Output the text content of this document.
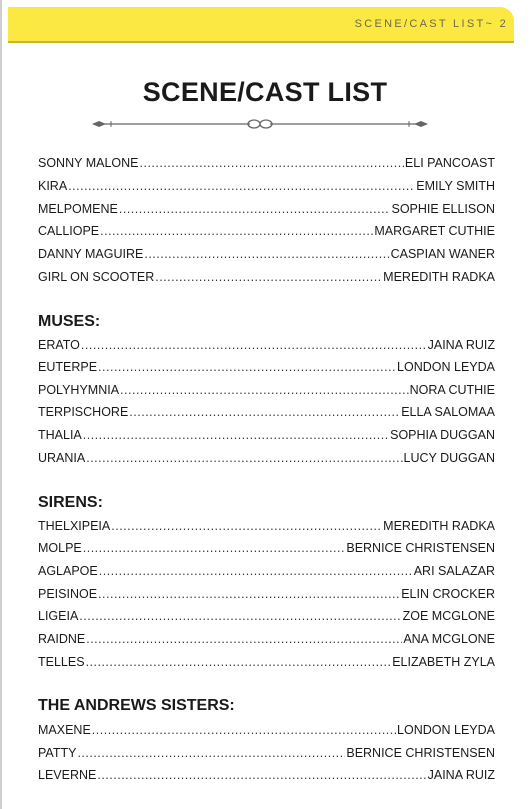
SCENE/CAST LIST~ 2
SCENE/CAST LIST
SONNY MALONE .....	ELI PANCOAST
KIRA .....	EMILY SMITH
MELPOMENE .....	SOPHIE ELLISON
CALLIOPE .....	MARGARET CUTHIE
DANNY MAGUIRE .....	CASPIAN WANER
GIRL ON SCOOTER .....	MEREDITH RADKA
MUSES:
ERATO .....	JAINA RUIZ
EUTERPE .....	LONDON LEYDA
POLYHYMNIA .....	NORA CUTHIE
TERPISCHORE .....	ELLA SALOMAA
THALIA .....	SOPHIA DUGGAN
URANIA .....	LUCY DUGGAN
SIRENS:
THELXIPEIA .....	MEREDITH RADKA
MOLPE .....	BERNICE CHRISTENSEN
AGLAPOE .....	ARI SALAZAR
PEISINOE .....	ELIN CROCKER
LIGEIA .....	ZOE MCGLONE
RAIDNE .....	ANA MCGLONE
TELLES .....	ELIZABETH ZYLA
THE ANDREWS SISTERS:
MAXENE .....	LONDON LEYDA
PATTY .....	BERNICE CHRISTENSEN
LEVERNE .....	JAINA RUIZ
